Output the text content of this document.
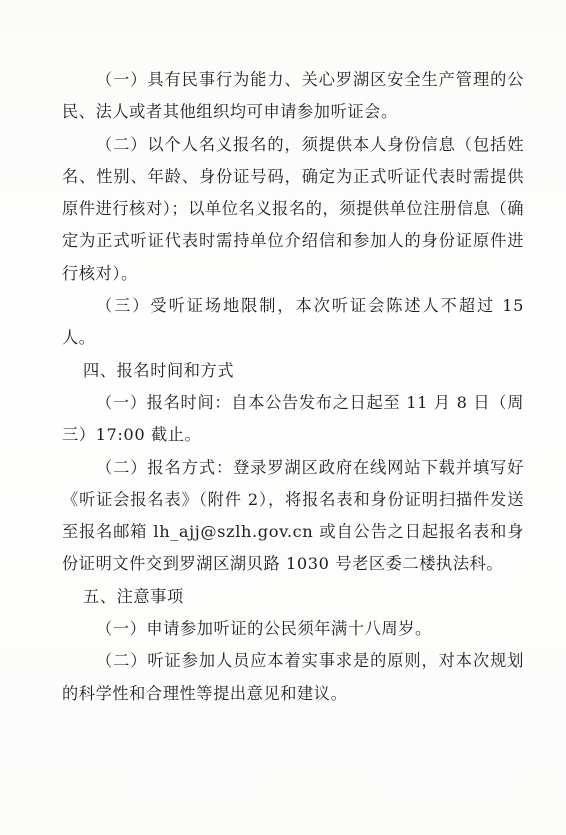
（一）具有民事行为能力、关心罗湖区安全生产管理的公民、法人或者其他组织均可申请参加听证会。

（二）以个人名义报名的，须提供本人身份信息（包括姓名、性别、年龄、身份证号码，确定为正式听证代表时需提供原件进行核对）；以单位名义报名的，须提供单位注册信息（确定为正式听证代表时需持单位介绍信和参加人的身份证原件进行核对）。

（三）受听证场地限制，本次听证会陈述人不超过 15 人。

四、报名时间和方式

（一）报名时间：自本公告发布之日起至 11 月 8 日（周三）17:00 截止。

（二）报名方式：登录罗湖区政府在线网站下载并填写好《听证会报名表》（附件 2），将报名表和身份证明扫描件发送至报名邮箱 lh_ajj@szlh.gov.cn 或自公告之日起报名表和身份证明文件交到罗湖区湖贝路 1030 号老区委二楼执法科。

五、注意事项

（一）申请参加听证的公民须年满十八周岁。

（二）听证参加人员应本着实事求是的原则，对本次规划的科学性和合理性等提出意见和建议。
